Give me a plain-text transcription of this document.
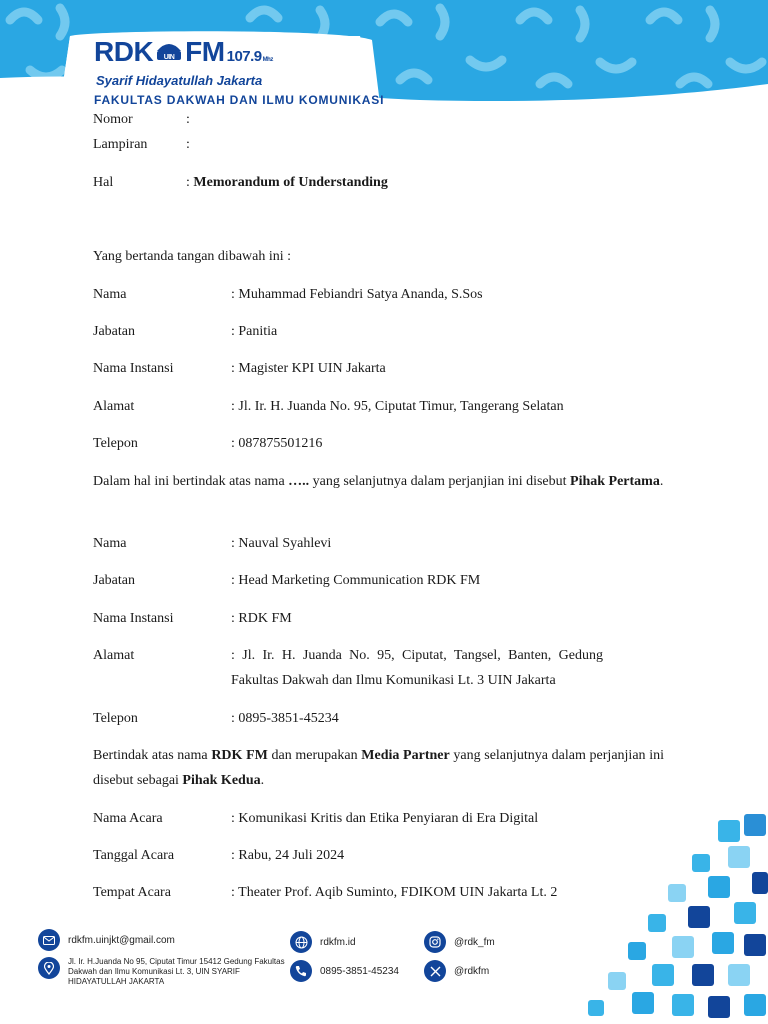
RDK UIN FM 107.9 Mhz
Syarif Hidayatullah Jakarta
FAKULTAS DAKWAH DAN ILMU KOMUNIKASI
Nomor	:
Lampiran	:
Hal	: Memorandum of Understanding
Yang bertanda tangan dibawah ini :
Nama	: Muhammad Febiandri Satya Ananda, S.Sos
Jabatan	: Panitia
Nama Instansi	: Magister KPI UIN Jakarta
Alamat	: Jl. Ir. H. Juanda No. 95, Ciputat Timur, Tangerang Selatan
Telepon	: 087875501216
Dalam hal ini bertindak atas nama ….. yang selanjutnya dalam perjanjian ini disebut Pihak Pertama.
Nama	: Nauval Syahlevi
Jabatan	: Head Marketing Communication RDK FM
Nama Instansi	: RDK FM
Alamat	: Jl. Ir. H. Juanda No. 95, Ciputat, Tangsel, Banten, Gedung
Fakultas Dakwah dan Ilmu Komunikasi Lt. 3 UIN Jakarta
Telepon	: 0895-3851-45234
Bertindak atas nama RDK FM dan merupakan Media Partner yang selanjutnya dalam perjanjian ini disebut sebagai Pihak Kedua.
Nama Acara	: Komunikasi Kritis dan Etika Penyiaran di Era Digital
Tanggal Acara	: Rabu, 24 Juli 2024
Tempat Acara	: Theater Prof. Aqib Suminto, FDIKOM UIN Jakarta Lt. 2
rdkfm.uinjkt@gmail.com
Jl. Ir. H.Juanda No 95, Ciputat Timur 15412 Gedung Fakultas Dakwah dan Ilmu Komunikasi Lt. 3, UIN SYARIF HIDAYATULLAH JAKARTA
rdkfm.id
0895-3851-45234
@rdk_fm
@rdkfm
